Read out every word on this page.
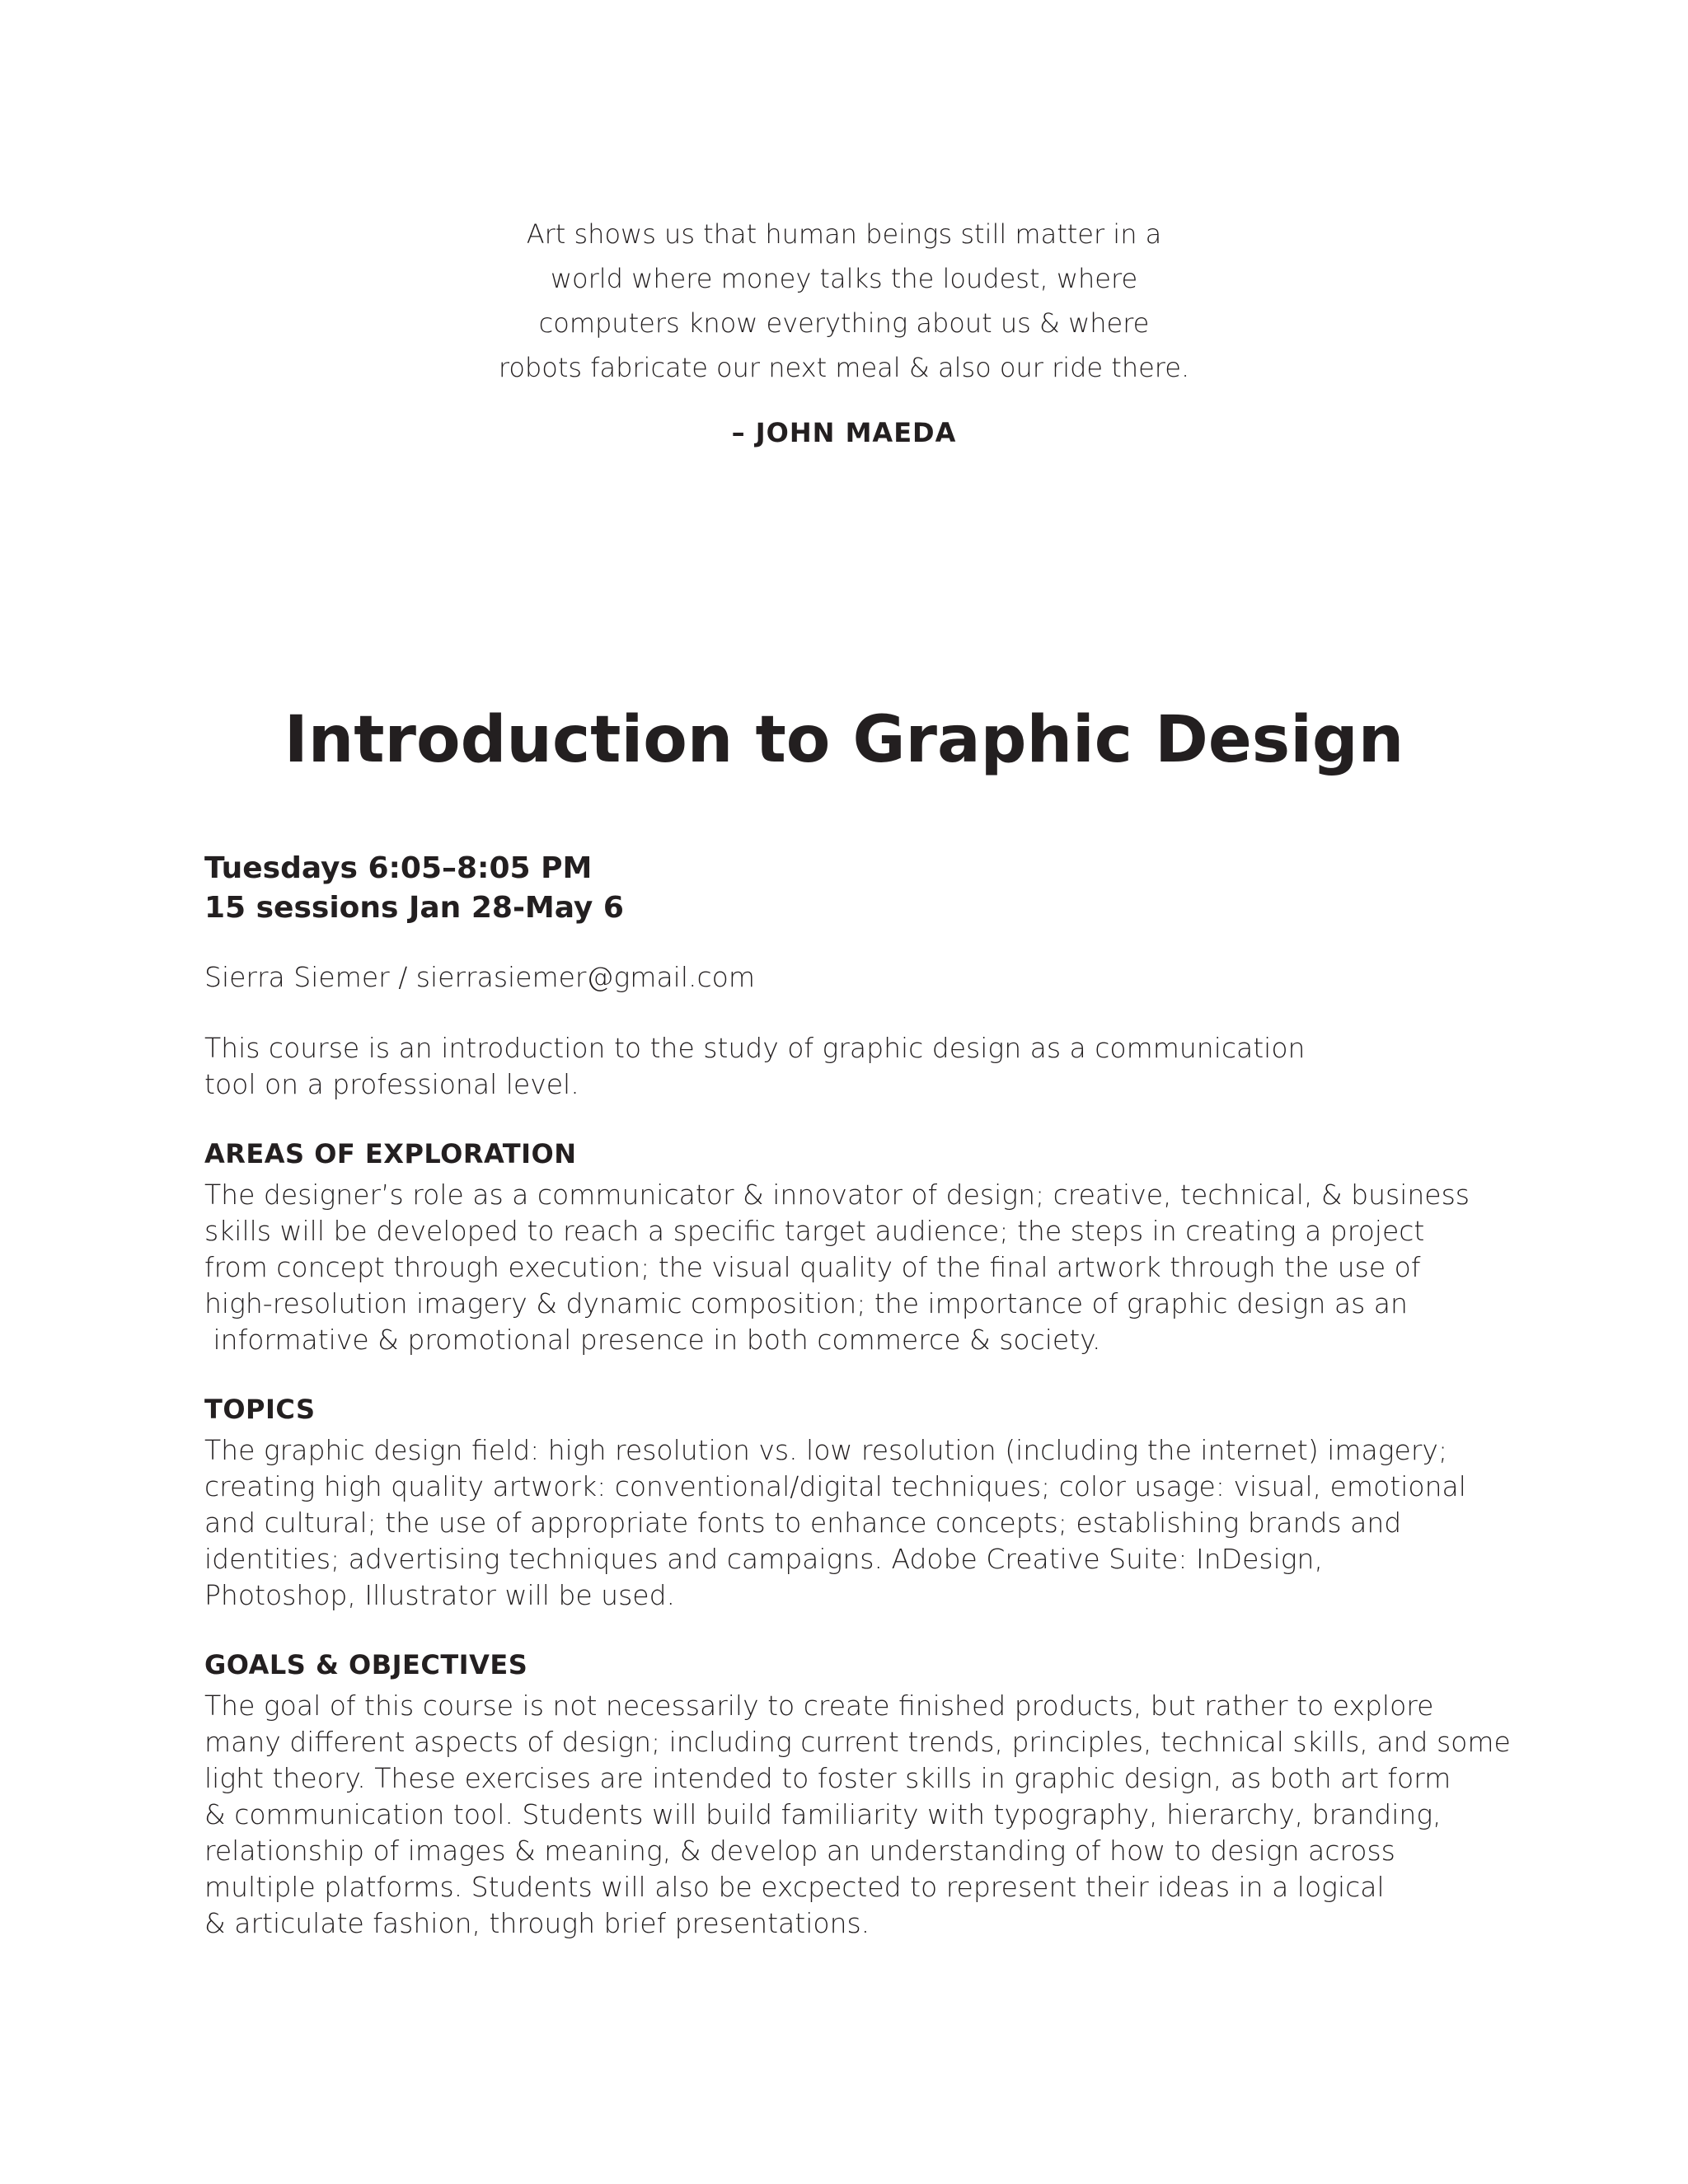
Art shows us that human beings still matter in a
world where money talks the loudest, where
computers know everything about us & where
robots fabricate our next meal & also our ride there.
– JOHN MAEDA
Introduction to Graphic Design
Tuesdays 6:05–8:05 PM
15 sessions Jan 28-May 6

Sierra Siemer / sierrasiemer@gmail.com

This course is an introduction to the study of graphic design as a communication
tool on a professional level.
AREAS OF EXPLORATION
The designer’s role as a communicator & innovator of design; creative, technical, & business
skills will be developed to reach a specific target audience; the steps in creating a project
from concept through execution; the visual quality of the final artwork through the use of
high-resolution imagery & dynamic composition; the importance of graphic design as an
informative & promotional presence in both commerce & society.
TOPICS
The graphic design field: high resolution vs. low resolution (including the internet) imagery;
creating high quality artwork: conventional/digital techniques; color usage: visual, emotional
and cultural; the use of appropriate fonts to enhance concepts; establishing brands and
identities; advertising techniques and campaigns. Adobe Creative Suite: InDesign,
Photoshop, Illustrator will be used.
GOALS & OBJECTIVES
The goal of this course is not necessarily to create finished products, but rather to explore
many different aspects of design; including current trends, principles, technical skills, and some
light theory. These exercises are intended to foster skills in graphic design, as both art form
& communication tool. Students will build familiarity with typography, hierarchy, branding,
relationship of images & meaning, & develop an understanding of how to design across
multiple platforms. Students will also be excpected to represent their ideas in a logical
& articulate fashion, through brief presentations.
